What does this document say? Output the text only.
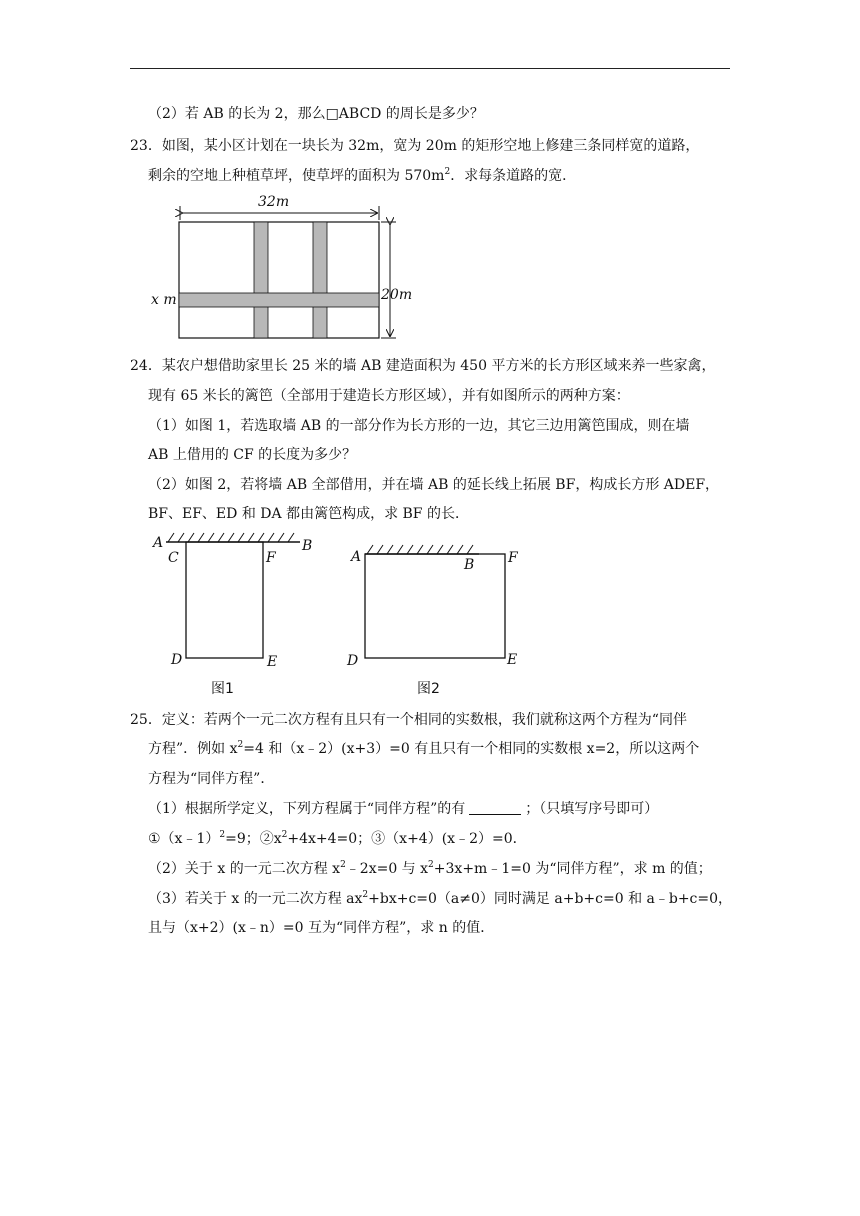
（2）若 AB 的长为 2，那么□ABCD 的周长是多少？
23．如图，某小区计划在一块长为 32m，宽为 20m 的矩形空地上修建三条同样宽的道路，
剩余的空地上种植草坪，使草坪的面积为 $570m^2$．求每条道路的宽．
32m
20m
x m
24．某农户想借助家里长 25 米的墙 AB 建造面积为 450 平方米的长方形区域来养一些家禽，
现有 65 米长的篱笆（全部用于建造长方形区域），并有如图所示的两种方案：
（1）如图 1，若选取墙 AB 的一部分作为长方形的一边，其它三边用篱笆围成，则在墙
AB 上借用的 CF 的长度为多少？
（2）如图 2，若将墙 AB 全部借用，并在墙 AB 的延长线上拓展 BF，构成长方形 ADEF，
BF、EF、ED 和 DA 都由篱笆构成，求 BF 的长．
A
C	F
B
D	E
图1
A	B F
D	E
图2
25．定义：若两个一元二次方程有且只有一个相同的实数根，我们就称这两个方程为“同伴
方程”．例如 $x^2=4$ 和（x﹣2）(x+3）=0 有且只有一个相同的实数根 x=2，所以这两个
方程为“同伴方程”．
（1）根据所学定义，下列方程属于“同伴方程”的有	；（只填写序号即可）
①（x﹣1）$^2$=9；$②x^2+4x+4=0$；③（x+4）(x﹣2）=0．
（2）关于 x 的一元二次方程 $x^2﹣2x=0$ 与 $x^2+3x+m﹣1=0$ 为“同伴方程”，求 m 的值；
（3）若关于 x 的一元二次方程 $ax^2+bx+c=0(a\ne 0)$同时满足 a+b+c=0 和 a﹣b+c=0，
且与（x+2）(x﹣n）=0 互为“同伴方程”，求 n 的值．
